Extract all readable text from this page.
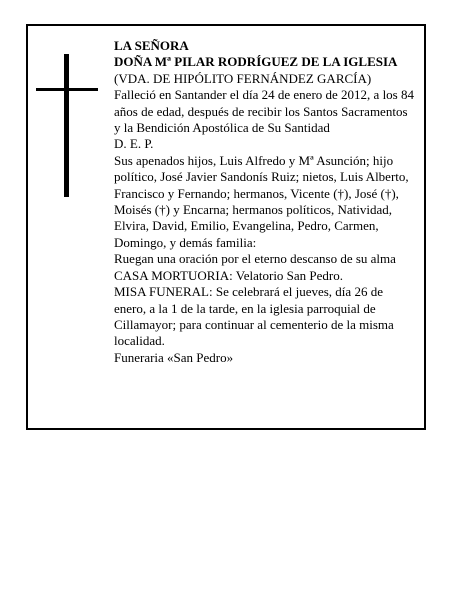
LA SEÑORA

DOÑA Mª PILAR RODRÍGUEZ DE LA IGLESIA

(VDA. DE HIPÓLITO FERNÁNDEZ GARCÍA)

Falleció en Santander el día 24 de enero de 2012, a los 84 años de edad, después de recibir los Santos Sacramentos y la Bendición Apostólica de Su Santidad

D. E. P.

Sus apenados hijos, Luis Alfredo y Mª Asunción; hijo político, José Javier Sandonís Ruiz; nietos, Luis Alberto, Francisco y Fernando; hermanos, Vicente (†), José (†), Moisés (†) y Encarna; hermanos políticos, Natividad, Elvira, David, Emilio, Evangelina, Pedro, Carmen, Domingo, y demás familia:

Ruegan una oración por el eterno descanso de su alma

CASA MORTUORIA: Velatorio San Pedro.

MISA FUNERAL: Se celebrará el jueves, día 26 de enero, a la 1 de la tarde, en la iglesia parroquial de Cillamayor; para continuar al cementerio de la misma localidad.

Funeraria «San Pedro»
